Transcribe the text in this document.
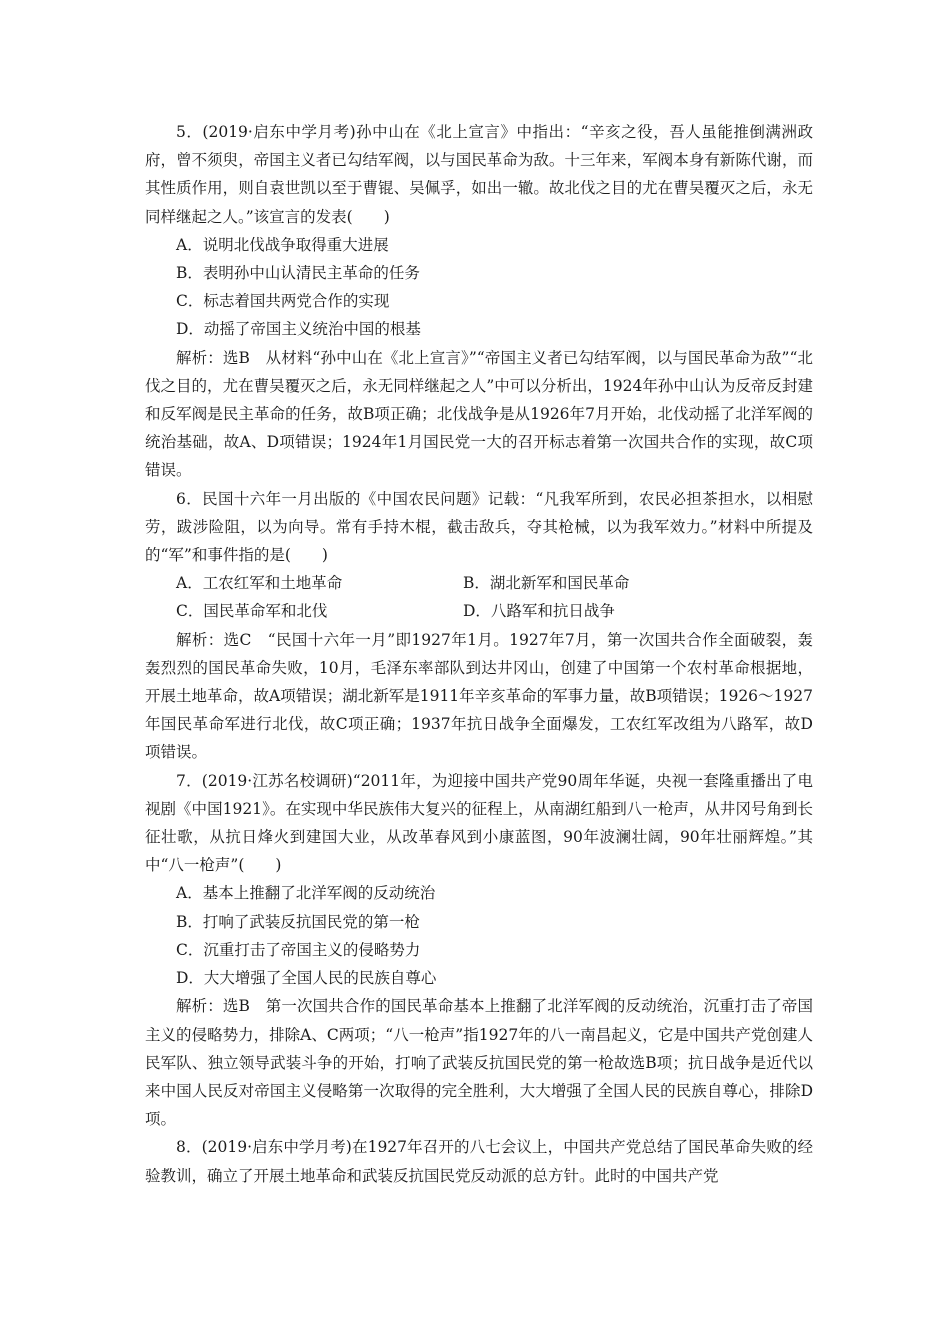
5．(2019·启东中学月考)孙中山在《北上宣言》中指出：“辛亥之役，吾人虽能推倒满洲政府，曾不须臾，帝国主义者已勾结军阀，以与国民革命为敌。十三年来，军阀本身有新陈代谢，而其性质作用，则自袁世凯以至于曹锟、吴佩孚，如出一辙。故北伐之目的尤在曹吴覆灭之后，永无同样继起之人。”该宣言的发表(　　)

A．说明北伐战争取得重大进展

B．表明孙中山认清民主革命的任务

C．标志着国共两党合作的实现

D．动摇了帝国主义统治中国的根基

解析：选B　从材料“孙中山在《北上宣言》”“帝国主义者已勾结军阀，以与国民革命为敌”“北伐之目的，尤在曹吴覆灭之后，永无同样继起之人”中可以分析出，1924年孙中山认为反帝反封建和反军阀是民主革命的任务，故B项正确；北伐战争是从1926年7月开始，北伐动摇了北洋军阀的统治基础，故A、D项错误；1924年1月国民党一大的召开标志着第一次国共合作的实现，故C项错误。

6．民国十六年一月出版的《中国农民问题》记载：“凡我军所到，农民必担茶担水，以相慰劳，跋涉险阻，以为向导。常有手持木棍，截击敌兵，夺其枪械，以为我军效力。”材料中所提及的“军”和事件指的是(　　)

A．工农红军和土地革命	B．湖北新军和国民革命
C．国民革命军和北伐	D．八路军和抗日战争

解析：选C　“民国十六年一月”即1927年1月。1927年7月，第一次国共合作全面破裂，轰轰烈烈的国民革命失败，10月，毛泽东率部队到达井冈山，创建了中国第一个农村革命根据地，开展土地革命，故A项错误；湖北新军是1911年辛亥革命的军事力量，故B项错误；1926～1927年国民革命军进行北伐，故C项正确；1937年抗日战争全面爆发，工农红军改组为八路军，故D项错误。

7．(2019·江苏名校调研)“2011年，为迎接中国共产党90周年华诞，央视一套隆重播出了电视剧《中国1921》。在实现中华民族伟大复兴的征程上，从南湖红船到八一枪声，从井冈号角到长征壮歌，从抗日烽火到建国大业，从改革春风到小康蓝图，90年波澜壮阔，90年壮丽辉煌。”其中“八一枪声”(　　)

A．基本上推翻了北洋军阀的反动统治

B．打响了武装反抗国民党的第一枪

C．沉重打击了帝国主义的侵略势力

D．大大增强了全国人民的民族自尊心

解析：选B　第一次国共合作的国民革命基本上推翻了北洋军阀的反动统治，沉重打击了帝国主义的侵略势力，排除A、C两项；“八一枪声”指1927年的八一南昌起义，它是中国共产党创建人民军队、独立领导武装斗争的开始，打响了武装反抗国民党的第一枪故选B项；抗日战争是近代以来中国人民反对帝国主义侵略第一次取得的完全胜利，大大增强了全国人民的民族自尊心，排除D项。

8．(2019·启东中学月考)在1927年召开的八七会议上，中国共产党总结了国民革命失败的经验教训，确立了开展土地革命和武装反抗国民党反动派的总方针。此时的中国共产党
